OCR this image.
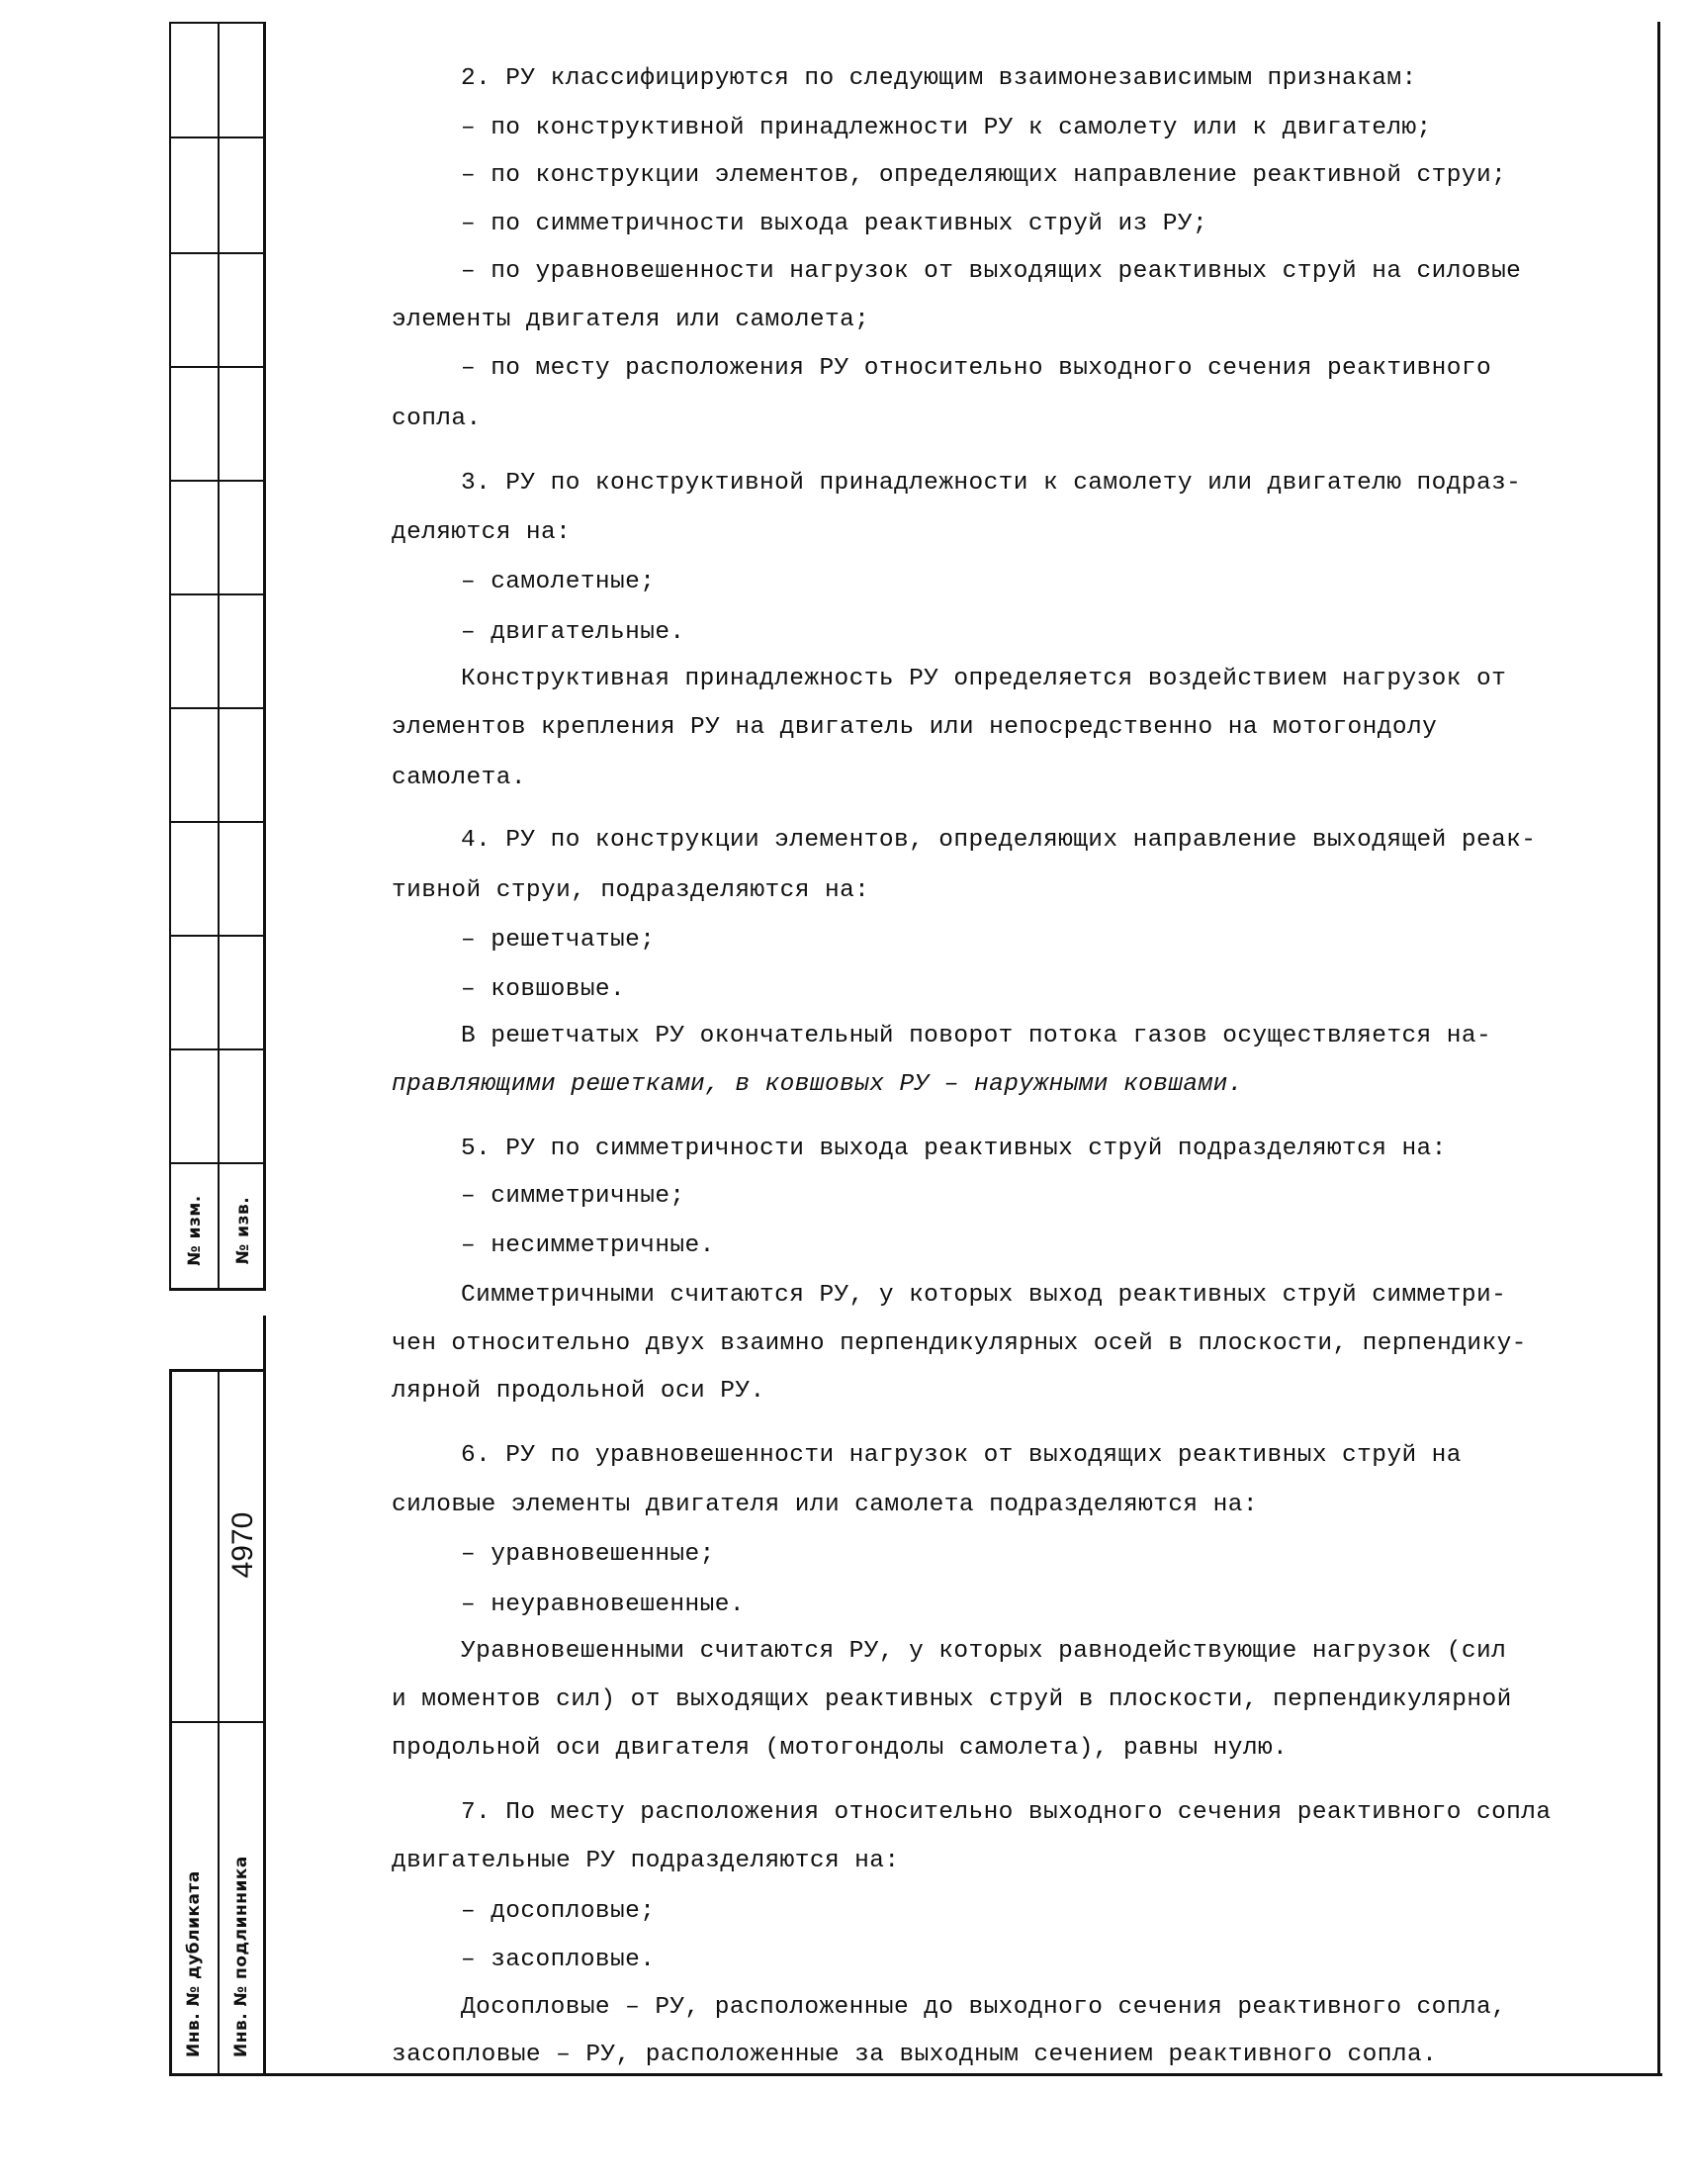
№ изм. № изв.
4970
Инв. № дубликата Инв. № подлинника
2. РУ классифицируются по следующим взаимонезависимым признакам:
– по конструктивной принадлежности РУ к самолету или к двигателю;
– по конструкции элементов, определяющих направление реактивной струи;
– по симметричности выхода реактивных струй из РУ;
– по уравновешенности нагрузок от выходящих реактивных струй на силовые
элементы двигателя или самолета;
– по месту расположения РУ относительно выходного сечения реактивного
сопла.
3. РУ по конструктивной принадлежности к самолету или двигателю подраз-
деляются на:
– самолетные;
– двигательные.
Конструктивная принадлежность РУ определяется воздействием нагрузок от
элементов крепления РУ на двигатель или непосредственно на мотогондолу
самолета.
4. РУ по конструкции элементов, определяющих направление выходящей реак-
тивной струи, подразделяются на:
– решетчатые;
– ковшовые.
В решетчатых РУ окончательный поворот потока газов осуществляется на-
правляющими решетками, в ковшовых РУ – наружными ковшами.
5. РУ по симметричности выхода реактивных струй подразделяются на:
– симметричные;
– несимметричные.
Симметричными считаются РУ, у которых выход реактивных струй симметри-
чен относительно двух взаимно перпендикулярных осей в плоскости, перпендику-
лярной продольной оси РУ.
6. РУ по уравновешенности нагрузок от выходящих реактивных струй на
силовые элементы двигателя или самолета подразделяются на:
– уравновешенные;
– неуравновешенные.
Уравновешенными считаются РУ, у которых равнодействующие нагрузок (сил
и моментов сил) от выходящих реактивных струй в плоскости, перпендикулярной
продольной оси двигателя (мотогондолы самолета), равны нулю.
7. По месту расположения относительно выходного сечения реактивного сопла
двигательные РУ подразделяются на:
– досопловые;
– засопловые.
Досопловые – РУ, расположенные до выходного сечения реактивного сопла,
засопловые – РУ, расположенные за выходным сечением реактивного сопла.
